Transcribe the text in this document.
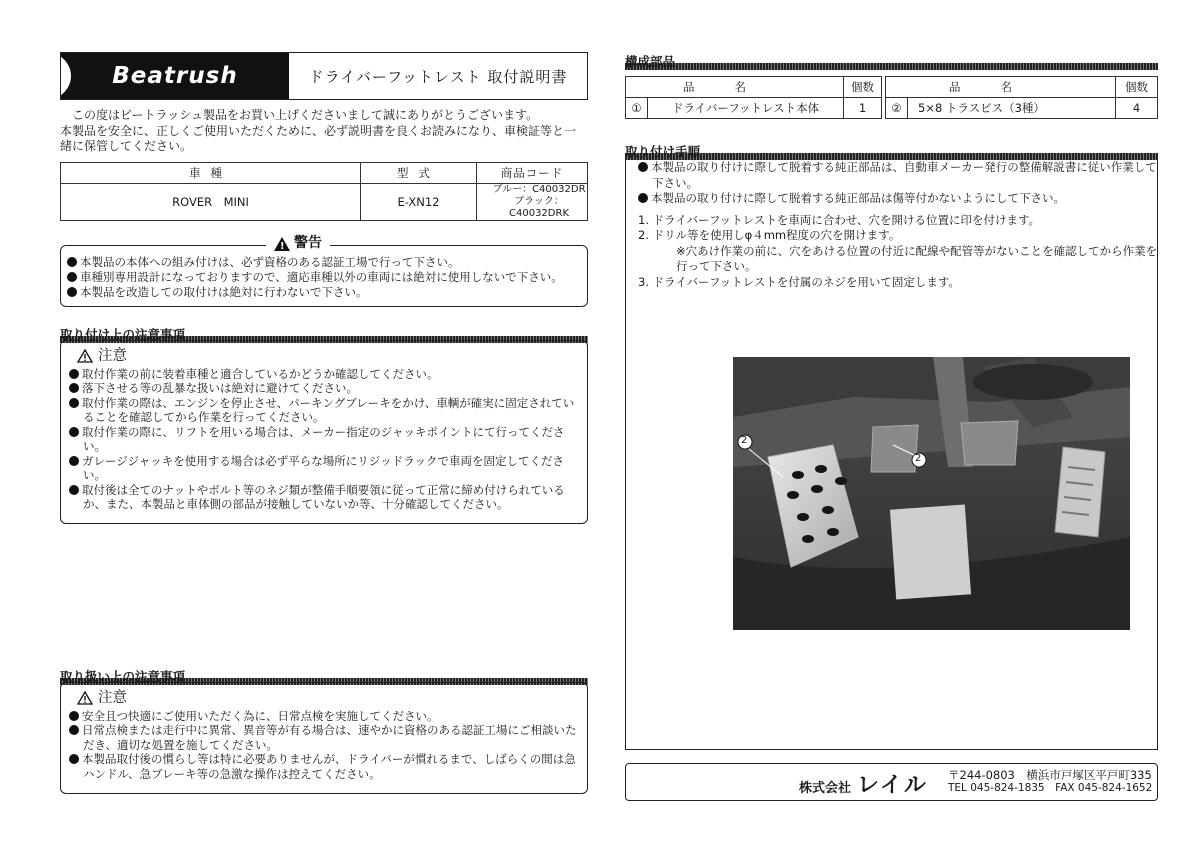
Beatrush	ドライバーフットレスト 取付説明書
この度はビートラッシュ製品をお買い上げくださいまして誠にありがとうございます。
本製品を安全に、正しくご使用いただくために、必ず説明書を良くお読みになり、車検証等と一
緒に保管してください。
車種	型式	商品コード
ROVER　MINI	E-XN12	ブルー：C40032DR
ブラック：C40032DRK
!
警告
本製品の本体への組み付けは、必ず資格のある認証工場で行って下さい。
車種別専用設計になっておりますので、適応車種以外の車両には絶対に使用しないで下さい。
本製品を改造しての取付けは絶対に行わないで下さい。
取り付け上の注意事項
注意
取付作業の前に装着車種と適合しているかどうか確認してください。
落下させる等の乱暴な扱いは絶対に避けてください。
取付作業の際は、エンジンを停止させ、パーキングブレーキをかけ、車輌が確実に固定されていることを確認してから作業を行ってください。
取付作業の際に、リフトを用いる場合は、メーカー指定のジャッキポイントにて行ってください。
ガレージジャッキを使用する場合は必ず平らな場所にリジッドラックで車両を固定してください。
取付後は全てのナットやボルト等のネジ類が整備手順要領に従って正常に締め付けられているか、また、本製品と車体側の部品が接触していないか等、十分確認してください。
取り扱い上の注意事項
注意
安全且つ快適にご使用いただく為に、日常点検を実施してください。
日常点検または走行中に異常、異音等が有る場合は、速やかに資格のある認証工場にご相談いただき、適切な処置を施してください。
本製品取付後の慣らし等は特に必要ありませんが、ドライバーが慣れるまで、しばらくの間は急ハンドル、急ブレーキ等の急激な操作は控えてください。
構成部品
品名		個数		品名		個数
①	ドライバーフットレスト本体	1		②	5×8 トラスビス（3種）	4
取り付け手順
本製品の取り付けに際して脱着する純正部品は、自動車メーカー発行の整備解説書に従い作業して下さい。
本製品の取り付けに際して脱着する純正部品は傷等付かないようにして下さい。
1. ドライバーフットレストを車両に合わせ、穴を開ける位置に印を付けます。
2. ドリル等を使用しφ４mm程度の穴を開けます。
※穴あけ作業の前に、穴をあける位置の付近に配線や配管等がないことを確認してから作業を行って下さい。
3. ドライバーフットレストを付属のネジを用いて固定します。
2
2
株式会社 レイル 〒244-0803　横浜市戸塚区平戸町335
TEL 045-824-1835　FAX 045-824-1652
